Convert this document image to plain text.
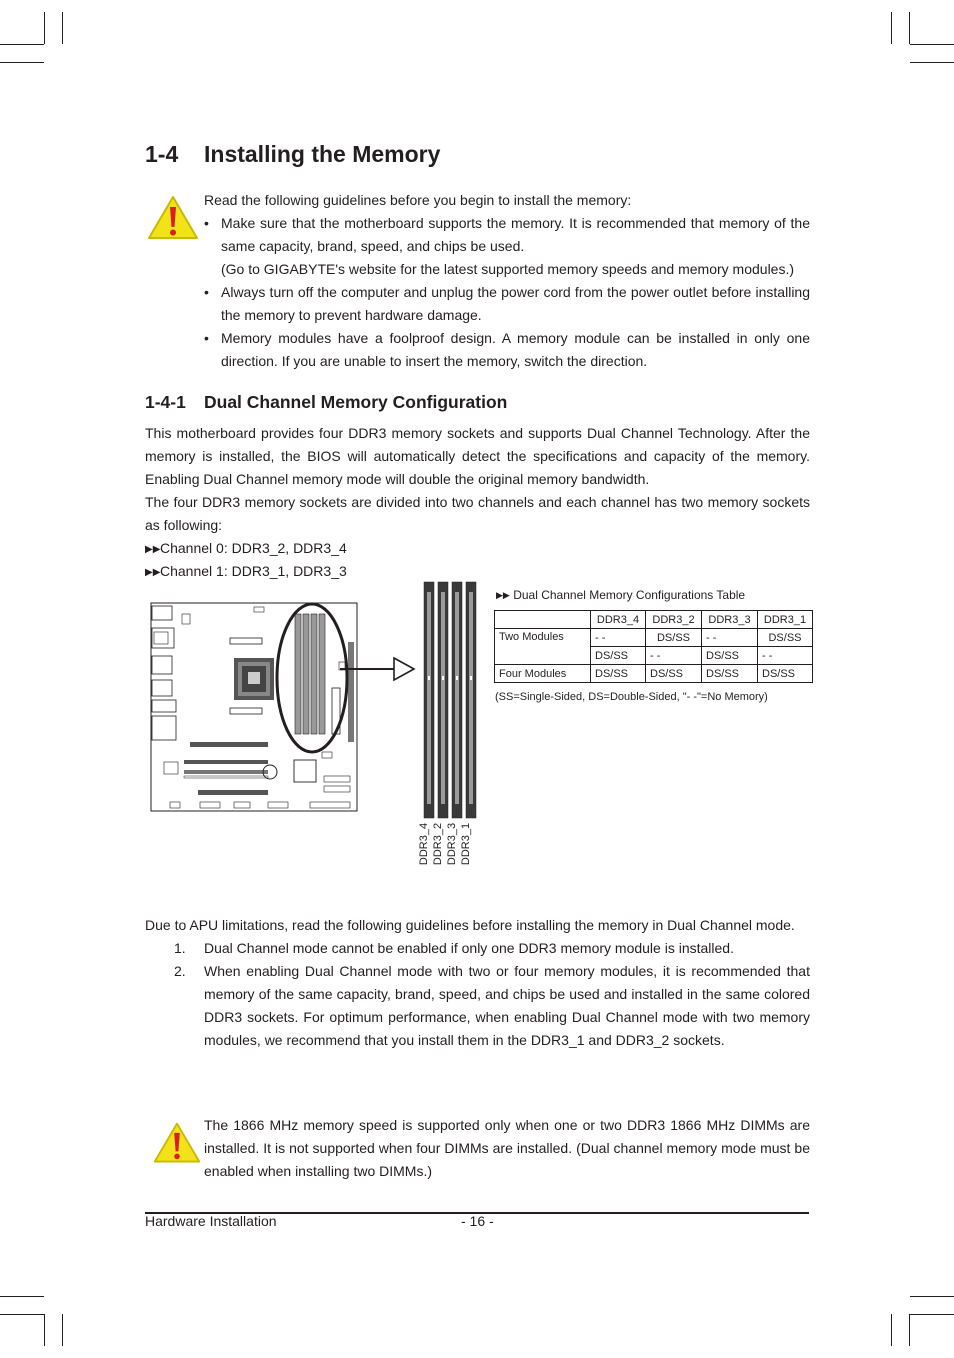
1-4 Installing the Memory
Read the following guidelines before you begin to install the memory:
• Make sure that the motherboard supports the memory. It is recommended that memory of the same capacity, brand, speed, and chips be used.
(Go to GIGABYTE's website for the latest supported memory speeds and memory modules.)
• Always turn off the computer and unplug the power cord from the power outlet before installing the memory to prevent hardware damage.
• Memory modules have a foolproof design. A memory module can be installed in only one direction. If you are unable to insert the memory, switch the direction.
1-4-1 Dual Channel Memory Configuration
This motherboard provides four DDR3 memory sockets and supports Dual Channel Technology. After the memory is installed, the BIOS will automatically detect the specifications and capacity of the memory. Enabling Dual Channel memory mode will double the original memory bandwidth.
The four DDR3 memory sockets are divided into two channels and each channel has two memory sockets as following:
▶▶Channel 0: DDR3_2, DDR3_4
▶▶Channel 1: DDR3_1, DDR3_3
DDR3_4 DDR3_2 DDR3_3 DDR3_1
▶▶ Dual Channel Memory Configurations Table
	DDR3_4	DDR3_2	DDR3_3	DDR3_1
Two Modules	- -	DS/SS	- -	DS/SS
	DS/SS	- -	DS/SS	- -
Four Modules	DS/SS	DS/SS	DS/SS	DS/SS
(SS=Single-Sided, DS=Double-Sided, "- -"=No Memory)
Due to APU limitations, read the following guidelines before installing the memory in Dual Channel mode.
1. Dual Channel mode cannot be enabled if only one DDR3 memory module is installed.
2. When enabling Dual Channel mode with two or four memory modules, it is recommended that memory of the same capacity, brand, speed, and chips be used and installed in the same colored DDR3 sockets. For optimum performance, when enabling Dual Channel mode with two memory modules, we recommend that you install them in the DDR3_1 and DDR3_2 sockets.
The 1866 MHz memory speed is supported only when one or two DDR3 1866 MHz DIMMs are installed. It is not supported when four DIMMs are installed. (Dual channel memory mode must be enabled when installing two DIMMs.)
Hardware Installation	- 16 -
